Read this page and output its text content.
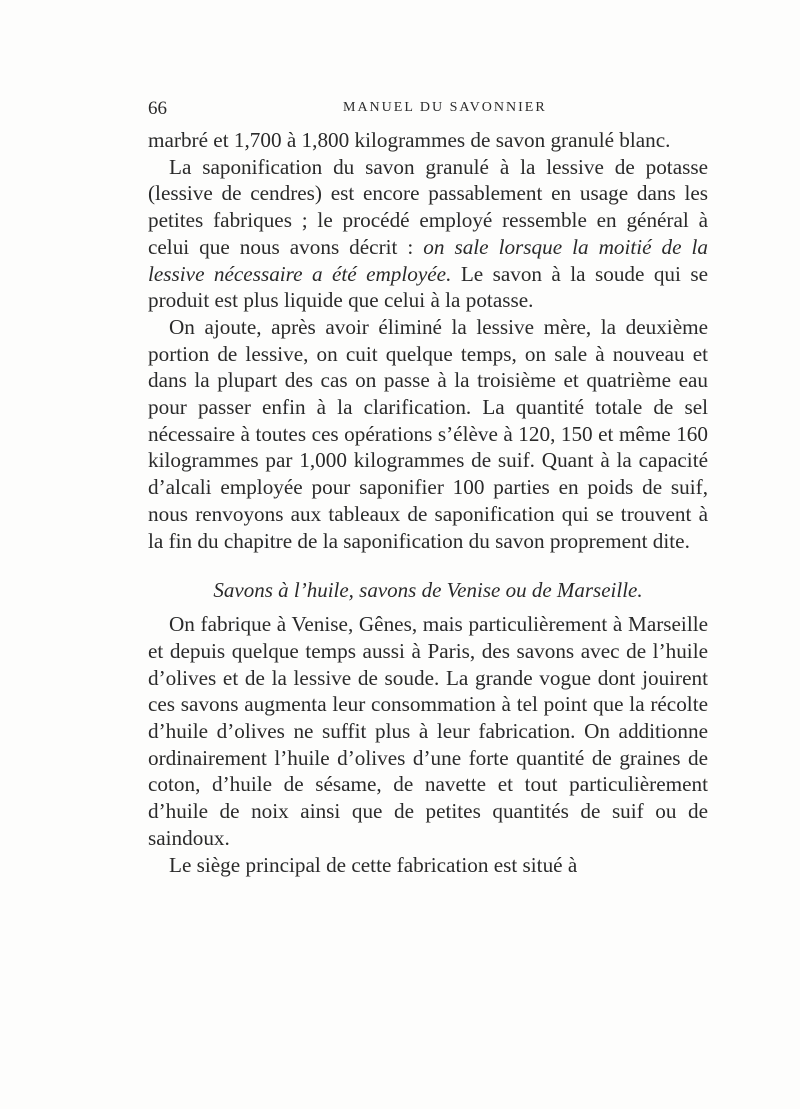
66	MANUEL DU SAVONNIER

marbré et 1,700 à 1,800 kilogrammes de savon granulé blanc.

La saponification du savon granulé à la lessive de potasse (lessive de cendres) est encore passablement en usage dans les petites fabriques ; le procédé employé ressemble en général à celui que nous avons décrit : on sale lorsque la moitié de la lessive nécessaire a été employée. Le savon à la soude qui se produit est plus liquide que celui à la potasse.

On ajoute, après avoir éliminé la lessive mère, la deuxième portion de lessive, on cuit quelque temps, on sale à nouveau et dans la plupart des cas on passe à la troisième et quatrième eau pour passer enfin à la clarification. La quantité totale de sel nécessaire à toutes ces opérations s’élève à 120, 150 et même 160 kilogrammes par 1,000 kilogrammes de suif. Quant à la capacité d’alcali employée pour saponifier 100 parties en poids de suif, nous renvoyons aux tableaux de saponification qui se trouvent à la fin du chapitre de la saponification du savon proprement dite.

Savons à l’huile, savons de Venise ou de Marseille.

On fabrique à Venise, Gênes, mais particulièrement à Marseille et depuis quelque temps aussi à Paris, des savons avec de l’huile d’olives et de la lessive de soude. La grande vogue dont jouirent ces savons augmenta leur consommation à tel point que la récolte d’huile d’olives ne suffit plus à leur fabrication. On additionne ordinairement l’huile d’olives d’une forte quantité de graines de coton, d’huile de sésame, de navette et tout particulièrement d’huile de noix ainsi que de petites quantités de suif ou de saindoux.

Le siège principal de cette fabrication est situé à
